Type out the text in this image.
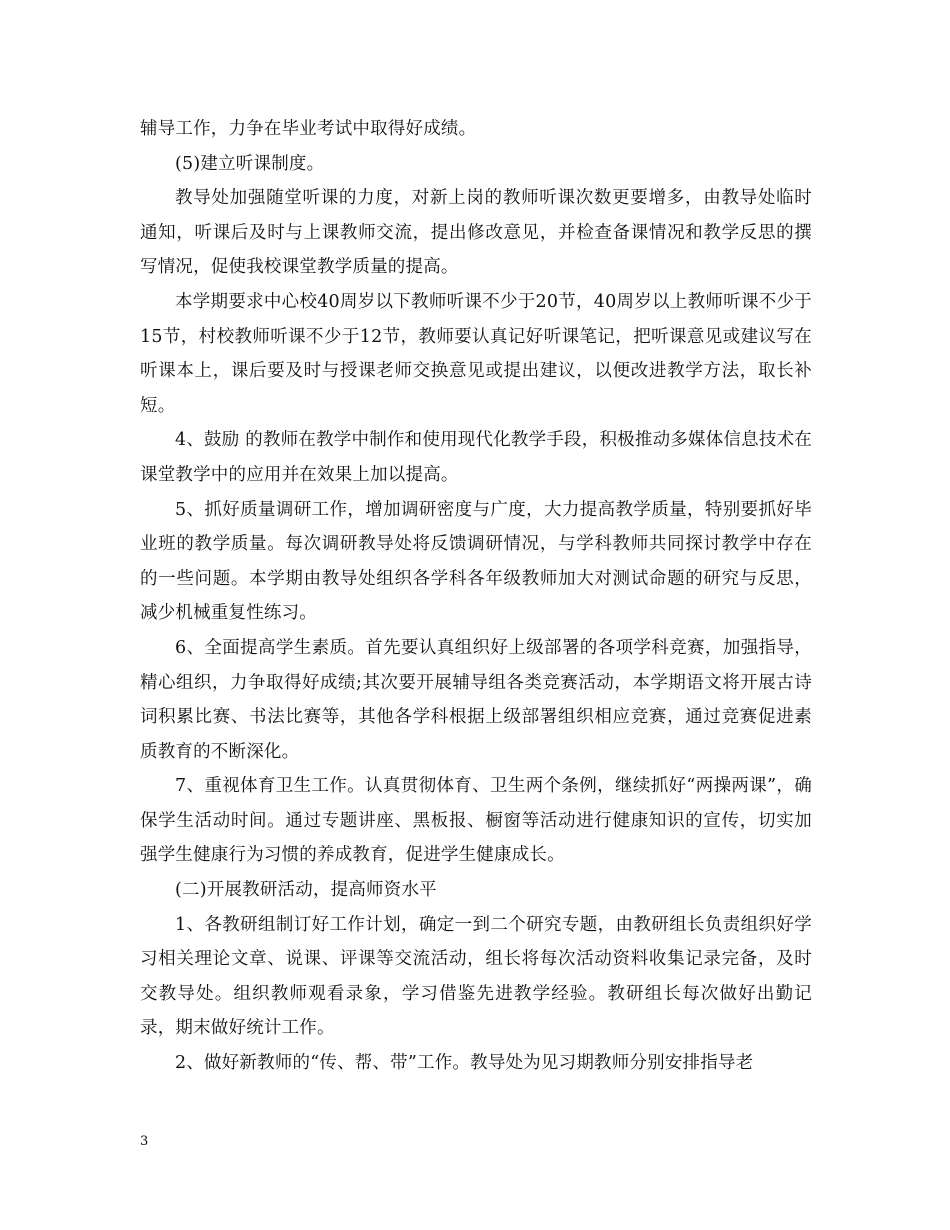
辅导工作，力争在毕业考试中取得好成绩。

(5)建立听课制度。

教导处加强随堂听课的力度，对新上岗的教师听课次数更要增多，由教导处临时通知，听课后及时与上课教师交流，提出修改意见，并检查备课情况和教学反思的撰写情况，促使我校课堂教学质量的提高。

本学期要求中心校40周岁以下教师听课不少于20节，40周岁以上教师听课不少于15节，村校教师听课不少于12节，教师要认真记好听课笔记，把听课意见或建议写在听课本上，课后要及时与授课老师交换意见或提出建议，以便改进教学方法，取长补短。

4、鼓励 的教师在教学中制作和使用现代化教学手段，积极推动多媒体信息技术在课堂教学中的应用并在效果上加以提高。

5、抓好质量调研工作，增加调研密度与广度，大力提高教学质量，特别要抓好毕业班的教学质量。每次调研教导处将反馈调研情况，与学科教师共同探讨教学中存在的一些问题。本学期由教导处组织各学科各年级教师加大对测试命题的研究与反思，减少机械重复性练习。

6、全面提高学生素质。首先要认真组织好上级部署的各项学科竞赛，加强指导，精心组织，力争取得好成绩;其次要开展辅导组各类竞赛活动，本学期语文将开展古诗词积累比赛、书法比赛等，其他各学科根据上级部署组织相应竞赛，通过竞赛促进素质教育的不断深化。

7、重视体育卫生工作。认真贯彻体育、卫生两个条例，继续抓好“两操两课”，确保学生活动时间。通过专题讲座、黑板报、橱窗等活动进行健康知识的宣传，切实加强学生健康行为习惯的养成教育，促进学生健康成长。

(二)开展教研活动，提高师资水平

1、各教研组制订好工作计划，确定一到二个研究专题，由教研组长负责组织好学习相关理论文章、说课、评课等交流活动，组长将每次活动资料收集记录完备，及时交教导处。组织教师观看录象，学习借鉴先进教学经验。教研组长每次做好出勤记录，期末做好统计工作。

2、做好新教师的“传、帮、带”工作。教导处为见习期教师分别安排指导老

3
